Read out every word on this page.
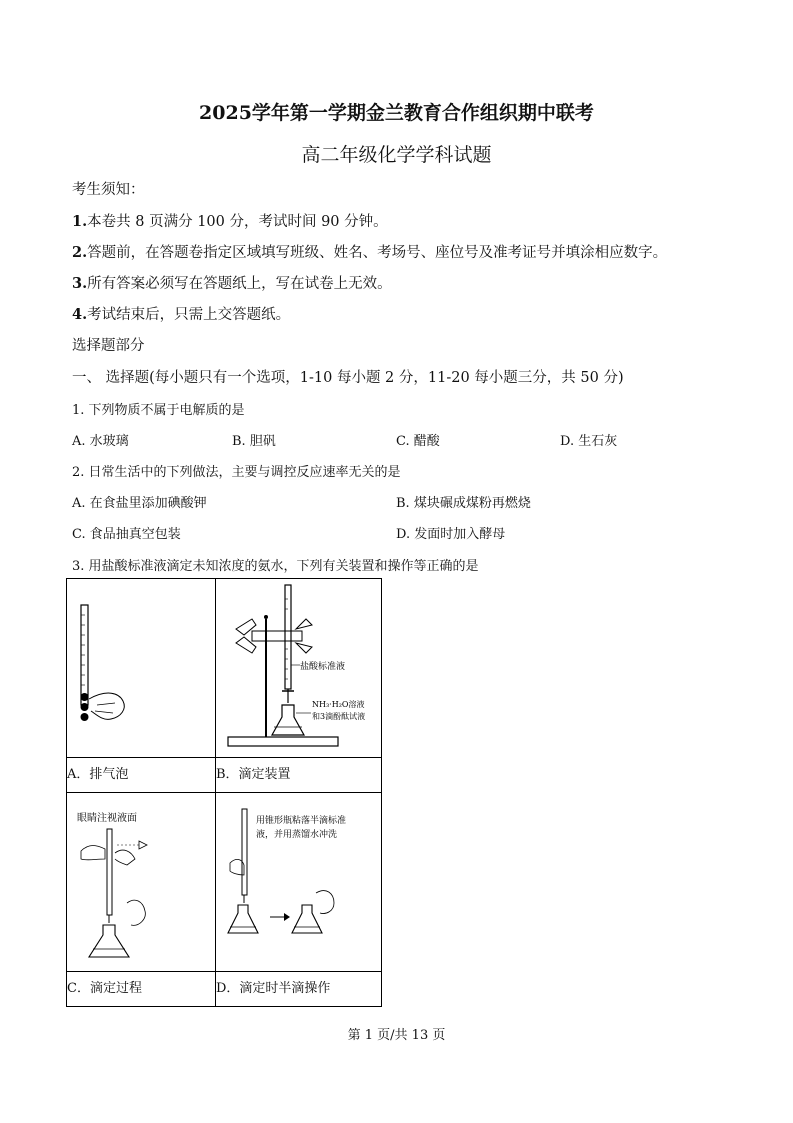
2025学年第一学期金兰教育合作组织期中联考
高二年级化学学科试题
考生须知：
1.本卷共 8 页满分 100 分，考试时间 90 分钟。
2.答题前，在答题卷指定区域填写班级、姓名、考场号、座位号及准考证号并填涂相应数字。
3.所有答案必须写在答题纸上，写在试卷上无效。
4.考试结束后，只需上交答题纸。
选择题部分
一、 选择题(每小题只有一个选项，1-10 每小题 2 分，11-20 每小题三分，共 50 分)
1. 下列物质不属于电解质的是
A. 水玻璃	B. 胆矾	C. 醋酸	D. 生石灰
2. 日常生活中的下列做法，主要与调控反应速率无关的是
A. 在食盐里添加碘酸钾	B. 煤块碾成煤粉再燃烧
C. 食品抽真空包装	D. 发面时加入酵母
3. 用盐酸标准液滴定未知浓度的氨水，下列有关装置和操作等正确的是

盐酸标准液
NH₃·H₂O溶液
和3滴酚酞试液

A．排气泡	B．滴定装置

眼睛注视液面	用锥形瓶粘落半滴标准
液，并用蒸馏水冲洗

C．滴定过程	D．滴定时半滴操作
第 1 页/共 13 页
